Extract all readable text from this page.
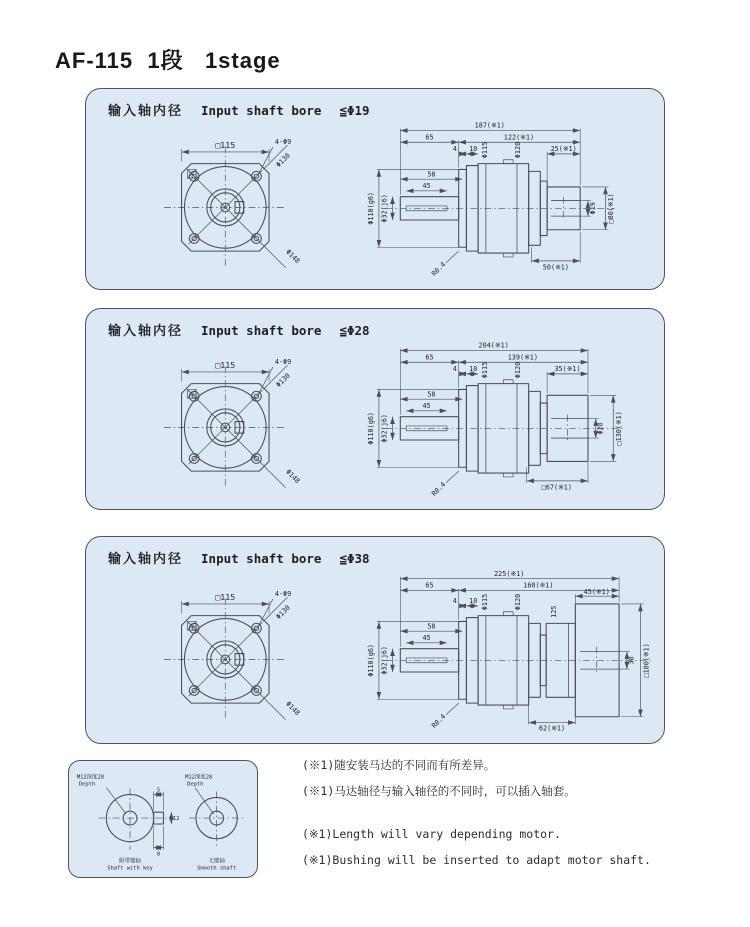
AF-115  1段   1stage
输入轴内径 Input shaft bore ≦Φ19
□115	4-Φ9
Φ130
Φ148
187(※1)
65	122(※1)
4 10	25(※1)
58
45
Φ115	Φ120
Φ110(g6) Φ32(j6)	Φ19 □80(※1)
50(※1)
R0.4
输入轴内径 Input shaft bore ≦Φ28
□115	4-Φ9
Φ130
Φ148
204(※1)
65	139(※1)
4 10	35(※1)
58
45
Φ115	Φ120
Φ110(g6) Φ32(j6)	Φ28 □130(※1)
□67(※1)
R0.4
输入轴内径 Input shaft bore ≦Φ38
□115	4-Φ9
Φ130
Φ148
225(※1)
65	160(※1)
45(※1)
4 10
58
45
Φ115	Φ120
125
Φ110(g6) Φ32(j6)	38 □180(※1)
62(※1)
R0.4
M12深度28
Depth
M12深度28
Depth
5
12
8
附带键轴
Shaft with key
无键轴
Smooth shaft

(※1)随安装马达的不同而有所差异。

(※1)马达轴径与输入轴径的不同时，可以插入轴套。

(※1)Length will vary depending motor.

(※1)Bushing will be inserted to adapt motor shaft.
